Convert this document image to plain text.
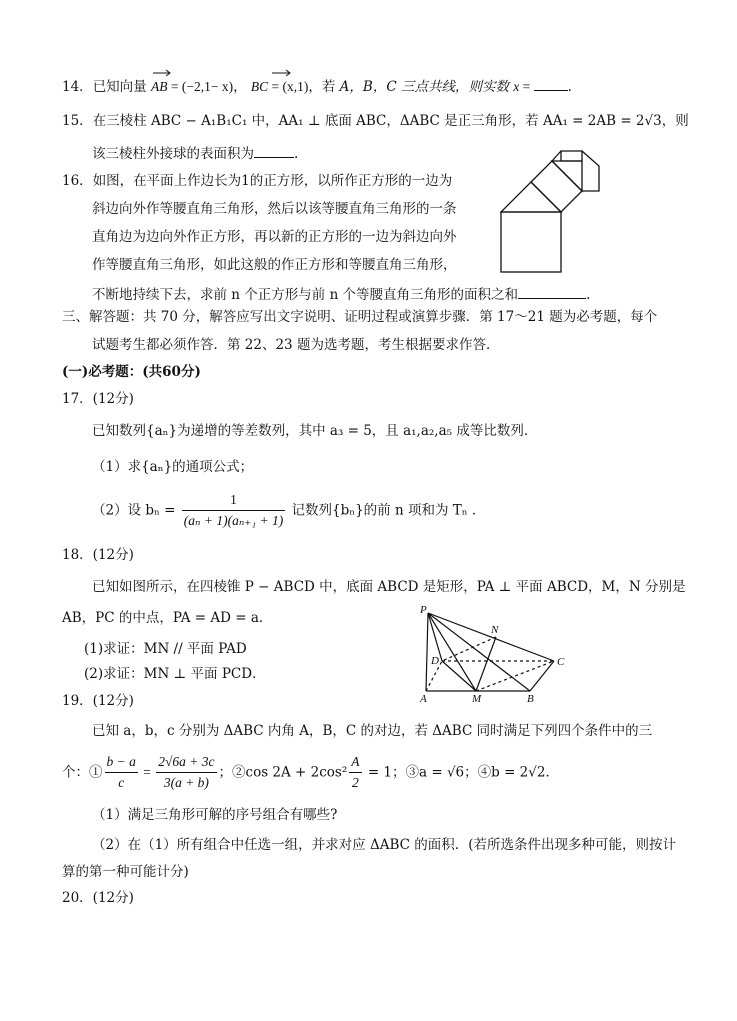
14．已知向量 AB = (−2,1− x)， BC = (x,1)，若 A，B，C 三点共线，则实数 x =	.
15．在三棱柱 ABC − A₁B₁C₁ 中，AA₁ ⊥ 底面 ABC，ΔABC 是正三角形，若 AA₁ = 2AB = 2√3，则
该三棱柱外接球的表面积为	.
16．如图，在平面上作边长为1的正方形，以所作正方形的一边为
斜边向外作等腰直角三角形，然后以该等腰直角三角形的一条
直角边为边向外作正方形，再以新的正方形的一边为斜边向外
作等腰直角三角形，如此这般的作正方形和等腰直角三角形，
不断地持续下去，求前 n 个正方形与前 n 个等腰直角三角形的面积之和	.
三、解答题：共 70 分，解答应写出文字说明、证明过程或演算步骤．第 17～21 题为必考题，每个
试题考生都必须作答．第 22、23 题为选考题，考生根据要求作答．
(一)必考题：(共60分)
17．(12分)
已知数列{aₙ}为递增的等差数列，其中 a₃ = 5，且 a₁,a₂,a₅ 成等比数列．
（1）求{aₙ}的通项公式；
（2）设 $b_n = \frac{1}{\text{(aₙ + 1)(aₙ₊₁ + 1)}}$ 记数列{bₙ}的前 n 项和为 Tₙ ．
18．(12分)
已知如图所示，在四棱锥 P − ABCD 中，底面 ABCD 是矩形，PA ⊥ 平面 ABCD，M，N 分别是
AB，PC 的中点，PA = AD = a．
(1)求证：MN // 平面 PAD
(2)求证：MN ⊥ 平面 PCD．
P
N
D	C
A	M	B
19．(12分)
已知 a，b，c 分别为 ΔABC 内角 A，B，C 的对边，若 ΔABC 同时满足下列四个条件中的三
个：① $\frac{b - a}{c} = \frac{2√6a + 3c}{3(a + b)}$ ；②cos $2A + 2\cos^2 \frac{A}{2} = 1$；③a = √6；④b = 2√2．
（1）满足三角形可解的序号组合有哪些?
（2）在（1）所有组合中任选一组，并求对应 ΔABC 的面积．(若所选条件出现多种可能，则按计
算的第一种可能计分)
20．(12分)
